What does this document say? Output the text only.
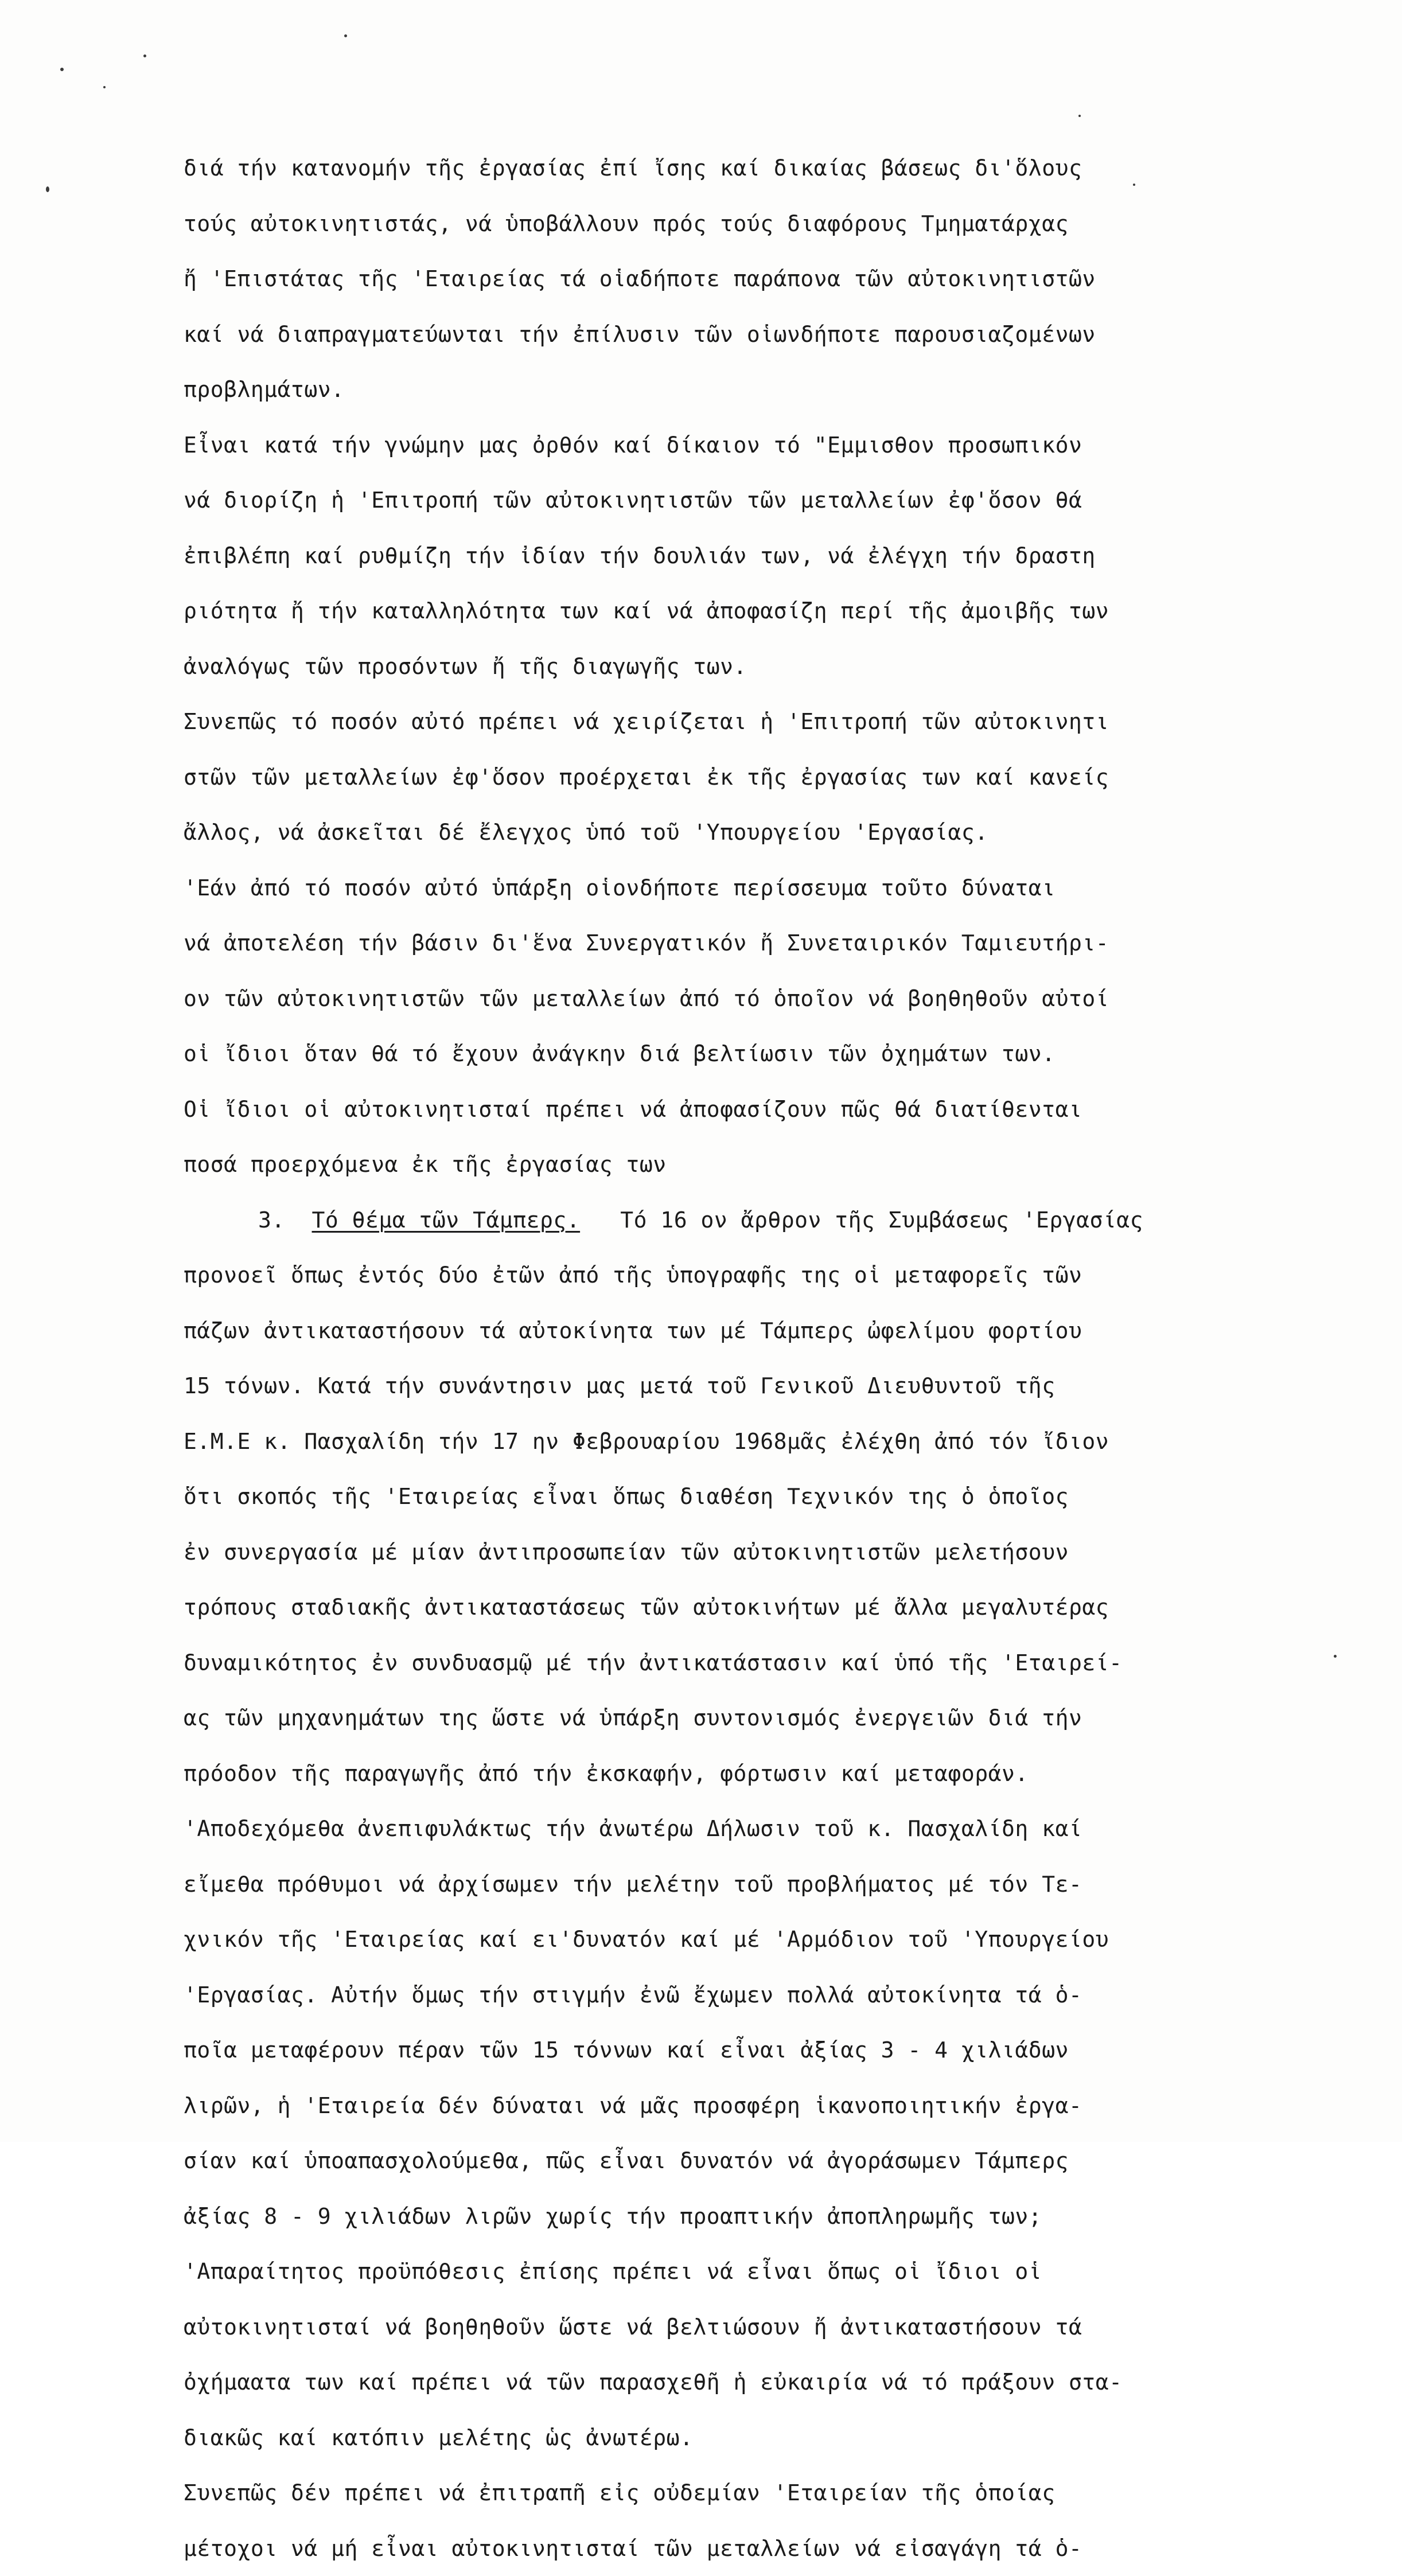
διά τήν κατανομήν τῆς ἐργασίας ἐπί ἴσης καί δικαίας βάσεως δι'ὅλους
τούς αὐτοκινητιστάς, νά ὑποβάλλουν πρός τούς διαφόρους Τμηματάρχας
ἤ 'Επιστάτας τῆς 'Εταιρείας τά οἱαδήποτε παράπονα τῶν αὐτοκινητιστῶν
καί νά διαπραγματεύωνται τήν ἐπίλυσιν τῶν οἱωνδήποτε παρουσιαζομένων
προβλημάτων.
Εἶναι κατά τήν γνώμην μας ὀρθόν καί δίκαιον τό "Εμμισθον προσωπικόν
νά διορίζη ἡ 'Επιτροπή τῶν αὐτοκινητιστῶν τῶν μεταλλείων ἐφ'ὅσον θά
ἐπιβλέπη καί ρυθμίζη τήν ἰδίαν τήν δουλιάν των, νά ἐλέγχη τήν δραστη
ριότητα ἤ τήν καταλληλότητα των καί νά ἀποφασίζη περί τῆς ἀμοιβῆς των
ἀναλόγως τῶν προσόντων ἤ τῆς διαγωγῆς των.
Συνεπῶς τό ποσόν αὐτό πρέπει νά χειρίζεται ἡ 'Επιτροπή τῶν αὐτοκινητι
στῶν τῶν μεταλλείων ἐφ'ὅσον προέρχεται ἐκ τῆς ἐργασίας των καί κανείς
ἄλλος, νά ἀσκεῖται δέ ἔλεγχος ὑπό τοῦ 'Υπουργείου 'Εργασίας.
'Εάν ἀπό τό ποσόν αὐτό ὑπάρξη οἱονδήποτε περίσσευμα τοῦτο δύναται
νά ἀποτελέση τήν βάσιν δι'ἕνα Συνεργατικόν ἤ Συνεταιρικόν Ταμιευτήρι-
ον τῶν αὐτοκινητιστῶν τῶν μεταλλείων ἀπό τό ὁποῖον νά βοηθηθοῦν αὐτοί
οἱ ἴδιοι ὅταν θά τό ἔχουν ἀνάγκην διά βελτίωσιν τῶν ὀχημάτων των.
Οἱ ἴδιοι οἱ αὐτοκινητισταί πρέπει νά ἀποφασίζουν πῶς θά διατίθενται
ποσά προερχόμενα ἐκ τῆς ἐργασίας των
3. Τό θέμα τῶν Τάμπερς. Τό 16 ον ἄρθρον τῆς Συμβάσεως 'Εργασίας
προνοεῖ ὅπως ἐντός δύο ἐτῶν ἀπό τῆς ὑπογραφῆς της οἱ μεταφορεῖς τῶν
πάζων ἀντικαταστήσουν τά αὐτοκίνητα των μέ Τάμπερς ὠφελίμου φορτίου
15 τόνων. Κατά τήν συνάντησιν μας μετά τοῦ Γενικοῦ Διευθυντοῦ τῆς
Ε.Μ.Ε κ. Πασχαλίδη τήν 17 ην Φεβρουαρίου 1968μᾶς ἐλέχθη ἀπό τόν ἴδιον
ὅτι σκοπός τῆς 'Εταιρείας εἶναι ὅπως διαθέση Τεχνικόν της ὁ ὁποῖος
ἐν συνεργασία μέ μίαν ἀντιπροσωπείαν τῶν αὐτοκινητιστῶν μελετήσουν
τρόπους σταδιακῆς ἀντικαταστάσεως τῶν αὐτοκινήτων μέ ἄλλα μεγαλυτέρας
δυναμικότητος ἐν συνδυασμῷ μέ τήν ἀντικατάστασιν καί ὑπό τῆς 'Εταιρεί-
ας τῶν μηχανημάτων της ὥστε νά ὑπάρξη συντονισμός ἐνεργειῶν διά τήν
πρόοδον τῆς παραγωγῆς ἀπό τήν ἐκσκαφήν, φόρτωσιν καί μεταφοράν.
'Αποδεχόμεθα ἀνεπιφυλάκτως τήν ἀνωτέρω Δήλωσιν τοῦ κ. Πασχαλίδη καί
εἴμεθα πρόθυμοι νά ἀρχίσωμεν τήν μελέτην τοῦ προβλήματος μέ τόν Τε-
χνικόν τῆς 'Εταιρείας καί ει'δυνατόν καί μέ 'Αρμόδιον τοῦ 'Υπουργείου
'Εργασίας. Αὐτήν ὅμως τήν στιγμήν ἐνῶ ἔχωμεν πολλά αὐτοκίνητα τά ὁ-
ποῖα μεταφέρουν πέραν τῶν 15 τόννων καί εἶναι ἀξίας 3 - 4 χιλιάδων
λιρῶν, ἡ 'Εταιρεία δέν δύναται νά μᾶς προσφέρη ἱκανοποιητικήν ἐργα-
σίαν καί ὑποαπασχολούμεθα, πῶς εἶναι δυνατόν νά ἀγοράσωμεν Τάμπερς
ἀξίας 8 - 9 χιλιάδων λιρῶν χωρίς τήν προαπτικήν ἀποπληρωμῆς των;
'Απαραίτητος προϋπόθεσις ἐπίσης πρέπει νά εἶναι ὅπως οἱ ἴδιοι οἱ
αὐτοκινητισταί νά βοηθηθοῦν ὥστε νά βελτιώσουν ἤ ἀντικαταστήσουν τά
ὀχήμαατα των καί πρέπει νά τῶν παρασχεθῆ ἡ εὐκαιρία νά τό πράξουν στα-
διακῶς καί κατόπιν μελέτης ὡς ἀνωτέρω.
Συνεπῶς δέν πρέπει νά ἐπιτραπῆ εἰς οὐδεμίαν 'Εταιρείαν τῆς ὁποίας
μέτοχοι νά μή εἶναι αὐτοκινητισταί τῶν μεταλλείων νά εἰσαγάγη τά ὁ-
